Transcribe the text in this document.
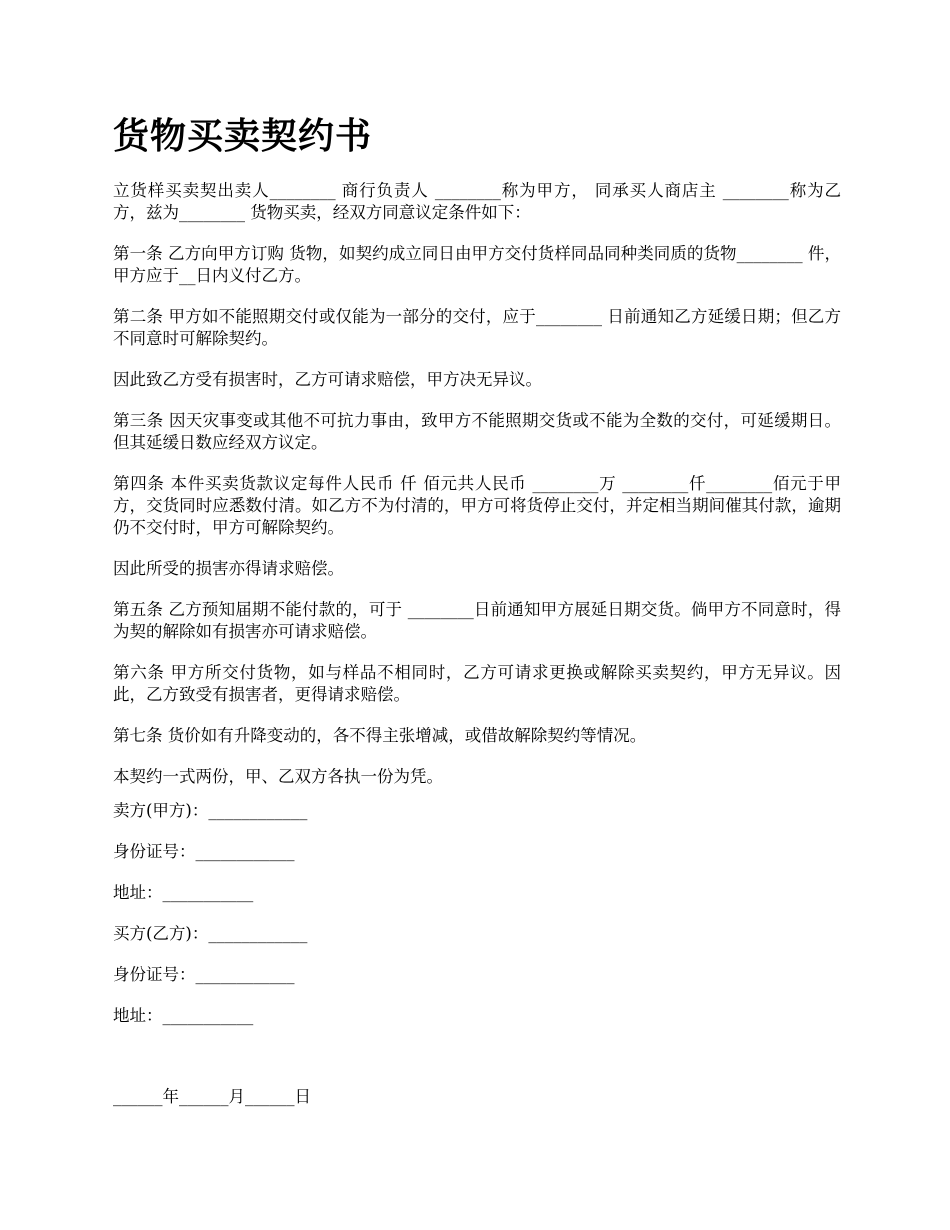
货物买卖契约书

立货样买卖契出卖人________ 商行负责人 ________称为甲方， 同承买人商店主 ________称为乙方，兹为________ 货物买卖，经双方同意议定条件如下：

第一条 乙方向甲方订购 货物，如契约成立同日由甲方交付货样同品同种类同质的货物________ 件，甲方应于__日内义付乙方。

第二条 甲方如不能照期交付或仅能为一部分的交付，应于________ 日前通知乙方延缓日期；但乙方不同意时可解除契约。

因此致乙方受有损害时，乙方可请求赔偿，甲方决无异议。

第三条 因天灾事变或其他不可抗力事由，致甲方不能照期交货或不能为全数的交付，可延缓期日。但其延缓日数应经双方议定。

第四条 本件买卖货款议定每件人民币 仟 佰元共人民币 ________万 ________仟________佰元于甲方，交货同时应悉数付清。如乙方不为付清的，甲方可将货停止交付，并定相当期间催其付款，逾期仍不交付时，甲方可解除契约。

因此所受的损害亦得请求赔偿。

第五条 乙方预知届期不能付款的，可于 ________日前通知甲方展延日期交货。倘甲方不同意时，得为契的解除如有损害亦可请求赔偿。

第六条 甲方所交付货物，如与样品不相同时，乙方可请求更换或解除买卖契约，甲方无异议。因此，乙方致受有损害者，更得请求赔偿。

第七条 货价如有升降变动的，各不得主张增减，或借故解除契约等情况。

本契约一式两份，甲、乙双方各执一份为凭。

卖方(甲方)：____________

身份证号：____________

地址：___________

买方(乙方)：____________

身份证号：____________

地址：___________

______年______月______日
